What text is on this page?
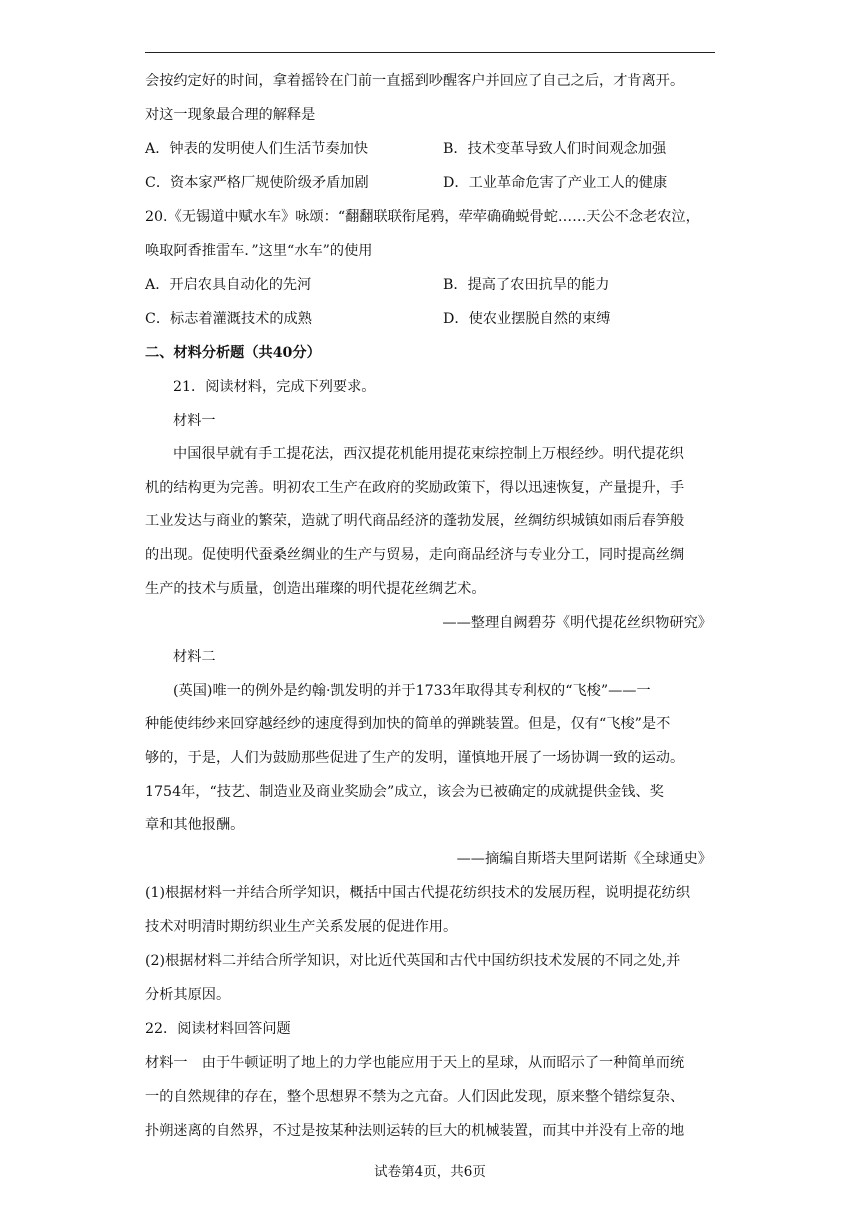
会按约定好的时间，拿着摇铃在门前一直摇到吵醒客户并回应了自己之后，才肯离开。
对这一现象最合理的解释是
A．钟表的发明使人们生活节奏加快	B．技术变革导致人们时间观念加强
C．资本家严格厂规使阶级矛盾加剧	D．工业革命危害了产业工人的健康
20.《无锡道中赋水车》咏颂：“翻翻联联衔尾鸦，荦荦确确蜕骨蛇……天公不念老农泣，
唤取阿香推雷车．”这里“水车”的使用
A．开启农具自动化的先河	B．提高了农田抗旱的能力
C．标志着灌溉技术的成熟	D．使农业摆脱自然的束缚
二、材料分析题（共40分）
21．阅读材料，完成下列要求。
材料一
中国很早就有手工提花法，西汉提花机能用提花束综控制上万根经纱。明代提花织
机的结构更为完善。明初农工生产在政府的奖励政策下，得以迅速恢复，产量提升，手
工业发达与商业的繁荣，造就了明代商品经济的蓬勃发展，丝绸纺织城镇如雨后春笋般
的出现。促使明代蚕桑丝绸业的生产与贸易，走向商品经济与专业分工，同时提高丝绸
生产的技术与质量，创造出璀璨的明代提花丝绸艺术。
——整理自阙碧芬《明代提花丝织物研究》
材料二
(英国)唯一的例外是约翰·凯发明的并于1733年取得其专利权的“飞梭”——一
种能使纬纱来回穿越经纱的速度得到加快的简单的弹跳装置。但是，仅有“飞梭”是不
够的，于是，人们为鼓励那些促进了生产的发明，谨慎地开展了一场协调一致的运动。
1754年，“技艺、制造业及商业奖励会”成立，该会为已被确定的成就提供金钱、奖
章和其他报酬。
——摘编自斯塔夫里阿诺斯《全球通史》
(1)根据材料一并结合所学知识，概括中国古代提花纺织技术的发展历程，说明提花纺织
技术对明清时期纺织业生产关系发展的促进作用。
(2)根据材料二并结合所学知识，对比近代英国和古代中国纺织技术发展的不同之处,并
分析其原因。
22．阅读材料回答问题
材料一　由于牛顿证明了地上的力学也能应用于天上的星球，从而昭示了一种简单而统
一的自然规律的存在，整个思想界不禁为之亢奋。人们因此发现，原来整个错综复杂、
扑朔迷离的自然界，不过是按某种法则运转的巨大的机械装置，而其中并没有上帝的地
试卷第4页，共6页
